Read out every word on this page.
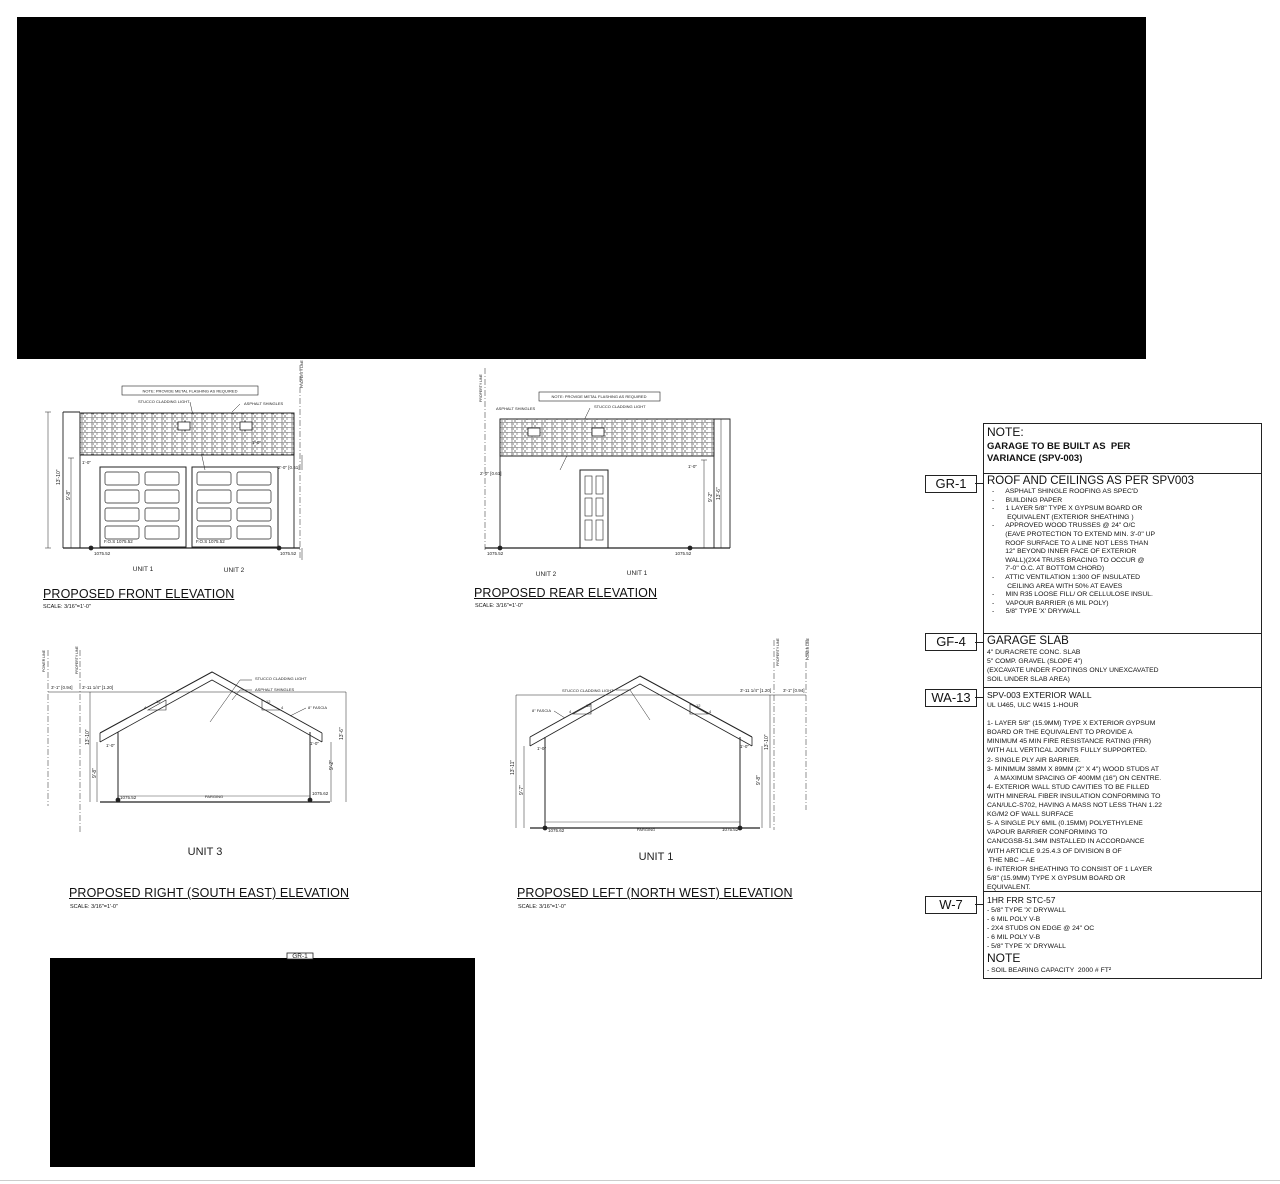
NOTE: PROVIDE METAL FLASHING AS REQUIRED
STUCCO CLADDING LIGHT	ASPHALT SHINGLES
13'-10"
9'-8"
1'-0"
2'-0" [0.61]
1'-0"
PROPERTY LINE
F.O.S 1075.52	F.O.S 1075.52
1075.52	1075.52
UNIT 1	UNIT 2
NOTE: PROVIDE METAL FLASHING AS REQUIRED
ASPHALT SHINGLES	STUCCO CLADDING LIGHT
PROPERTY LINE
2'-0" [0.61]
1'-0"
9'-2" 13'-6"
1075.52	1075.52
UNIT 2	UNIT 1
POWER LINE	PROPERTY LINE
3'-1" [0.94] 3'-11 1/4" [1.20]
4
12
4
12
STUCCO CLADDING LIGHT
ASPHALT SHINGLES
8" FASCIA
13'-10"
9'-8"
9'-2"
13'-6"
1'-0"	1'-0"
1075.52
1075.62
PARGING
UNIT 3
PROPERTY LINE	POWER LINE
3'-11 1/4" [1.20]	3'-1" [0.94]
4
12
4
12
STUCCO CLADDING LIGHT
8" FASCIA
13'-11"
9'-7"
9'-8"
13'-10"
1'-0"	1'-0"
1075.62	1075.52
PARGING
UNIT 1
GR-1
PROPOSED FRONT ELEVATION
SCALE: 3/16"=1'-0"
PROPOSED REAR ELEVATION
SCALE: 3/16"=1'-0"
PROPOSED RIGHT (SOUTH EAST) ELEVATION
SCALE: 3/16"=1'-0"
PROPOSED LEFT (NORTH WEST) ELEVATION
SCALE: 3/16"=1'-0"
NOTE:
GARAGE TO BE BUILT AS  PER
VARIANCE (SPV-003)
GR-1	ROOF AND CEILINGS AS PER SPV003
-      ASPHALT SHINGLE ROOFING AS SPEC'D
-      BUILDING PAPER
-      1 LAYER 5/8" TYPE X GYPSUM BOARD OR
EQUIVALENT (EXTERIOR SHEATHING )
-      APPROVED WOOD TRUSSES @ 24" O/C
(EAVE PROTECTION TO EXTEND MIN. 3'-0" UP
ROOF SURFACE TO A LINE NOT LESS THAN
12" BEYOND INNER FACE OF EXTERIOR
WALL)(2X4 TRUSS BRACING TO OCCUR @
7'-0" O.C. AT BOTTOM CHORD)
-      ATTIC VENTILATION 1:300 OF INSULATED
CEILING AREA WITH 50% AT EAVES
-      MIN R35 LOOSE FILL/ OR CELLULOSE INSUL.
-      VAPOUR BARRIER (6 MIL POLY)
-      5/8" TYPE 'X' DRYWALL
GF-4	GARAGE SLAB
4" DURACRETE CONC. SLAB
5" COMP. GRAVEL (SLOPE 4")
(EXCAVATE UNDER FOOTINGS ONLY UNEXCAVATED
SOIL UNDER SLAB AREA)
WA-13	SPV-003 EXTERIOR WALL
UL U465, ULC W415 1-HOUR

1- LAYER 5/8" (15.9MM) TYPE X EXTERIOR GYPSUM
BOARD OR THE EQUIVALENT TO PROVIDE A
MINIMUM 45 MIN FIRE RESISTANCE RATING (FRR)
WITH ALL VERTICAL JOINTS FULLY SUPPORTED.
2- SINGLE PLY AIR BARRIER.
3- MINIMUM 38MM X 89MM (2" X 4") WOOD STUDS AT
A MAXIMUM SPACING OF 400MM (16") ON CENTRE.
4- EXTERIOR WALL STUD CAVITIES TO BE FILLED
WITH MINERAL FIBER INSULATION CONFORMING TO
CAN/ULC-S702, HAVING A MASS NOT LESS THAN 1.22
KG/M2 OF WALL SURFACE
5- A SINGLE PLY 6MIL (0.15MM) POLYETHYLENE
VAPOUR BARRIER CONFORMING TO
CAN/CGSB-51.34M INSTALLED IN ACCORDANCE
WITH ARTICLE 9.25.4.3 OF DIVISION B OF
THE NBC – AE
6- INTERIOR SHEATHING TO CONSIST OF 1 LAYER
5/8" (15.9MM) TYPE X GYPSUM BOARD OR
EQUIVALENT.
W-7	1HR FRR STC-57
- 5/8" TYPE 'X' DRYWALL
- 6 MIL POLY V-B
- 2X4 STUDS ON EDGE @ 24" OC
- 6 MIL POLY V-B
- 5/8" TYPE 'X' DRYWALL
NOTE
- SOIL BEARING CAPACITY  2000 # FT²
